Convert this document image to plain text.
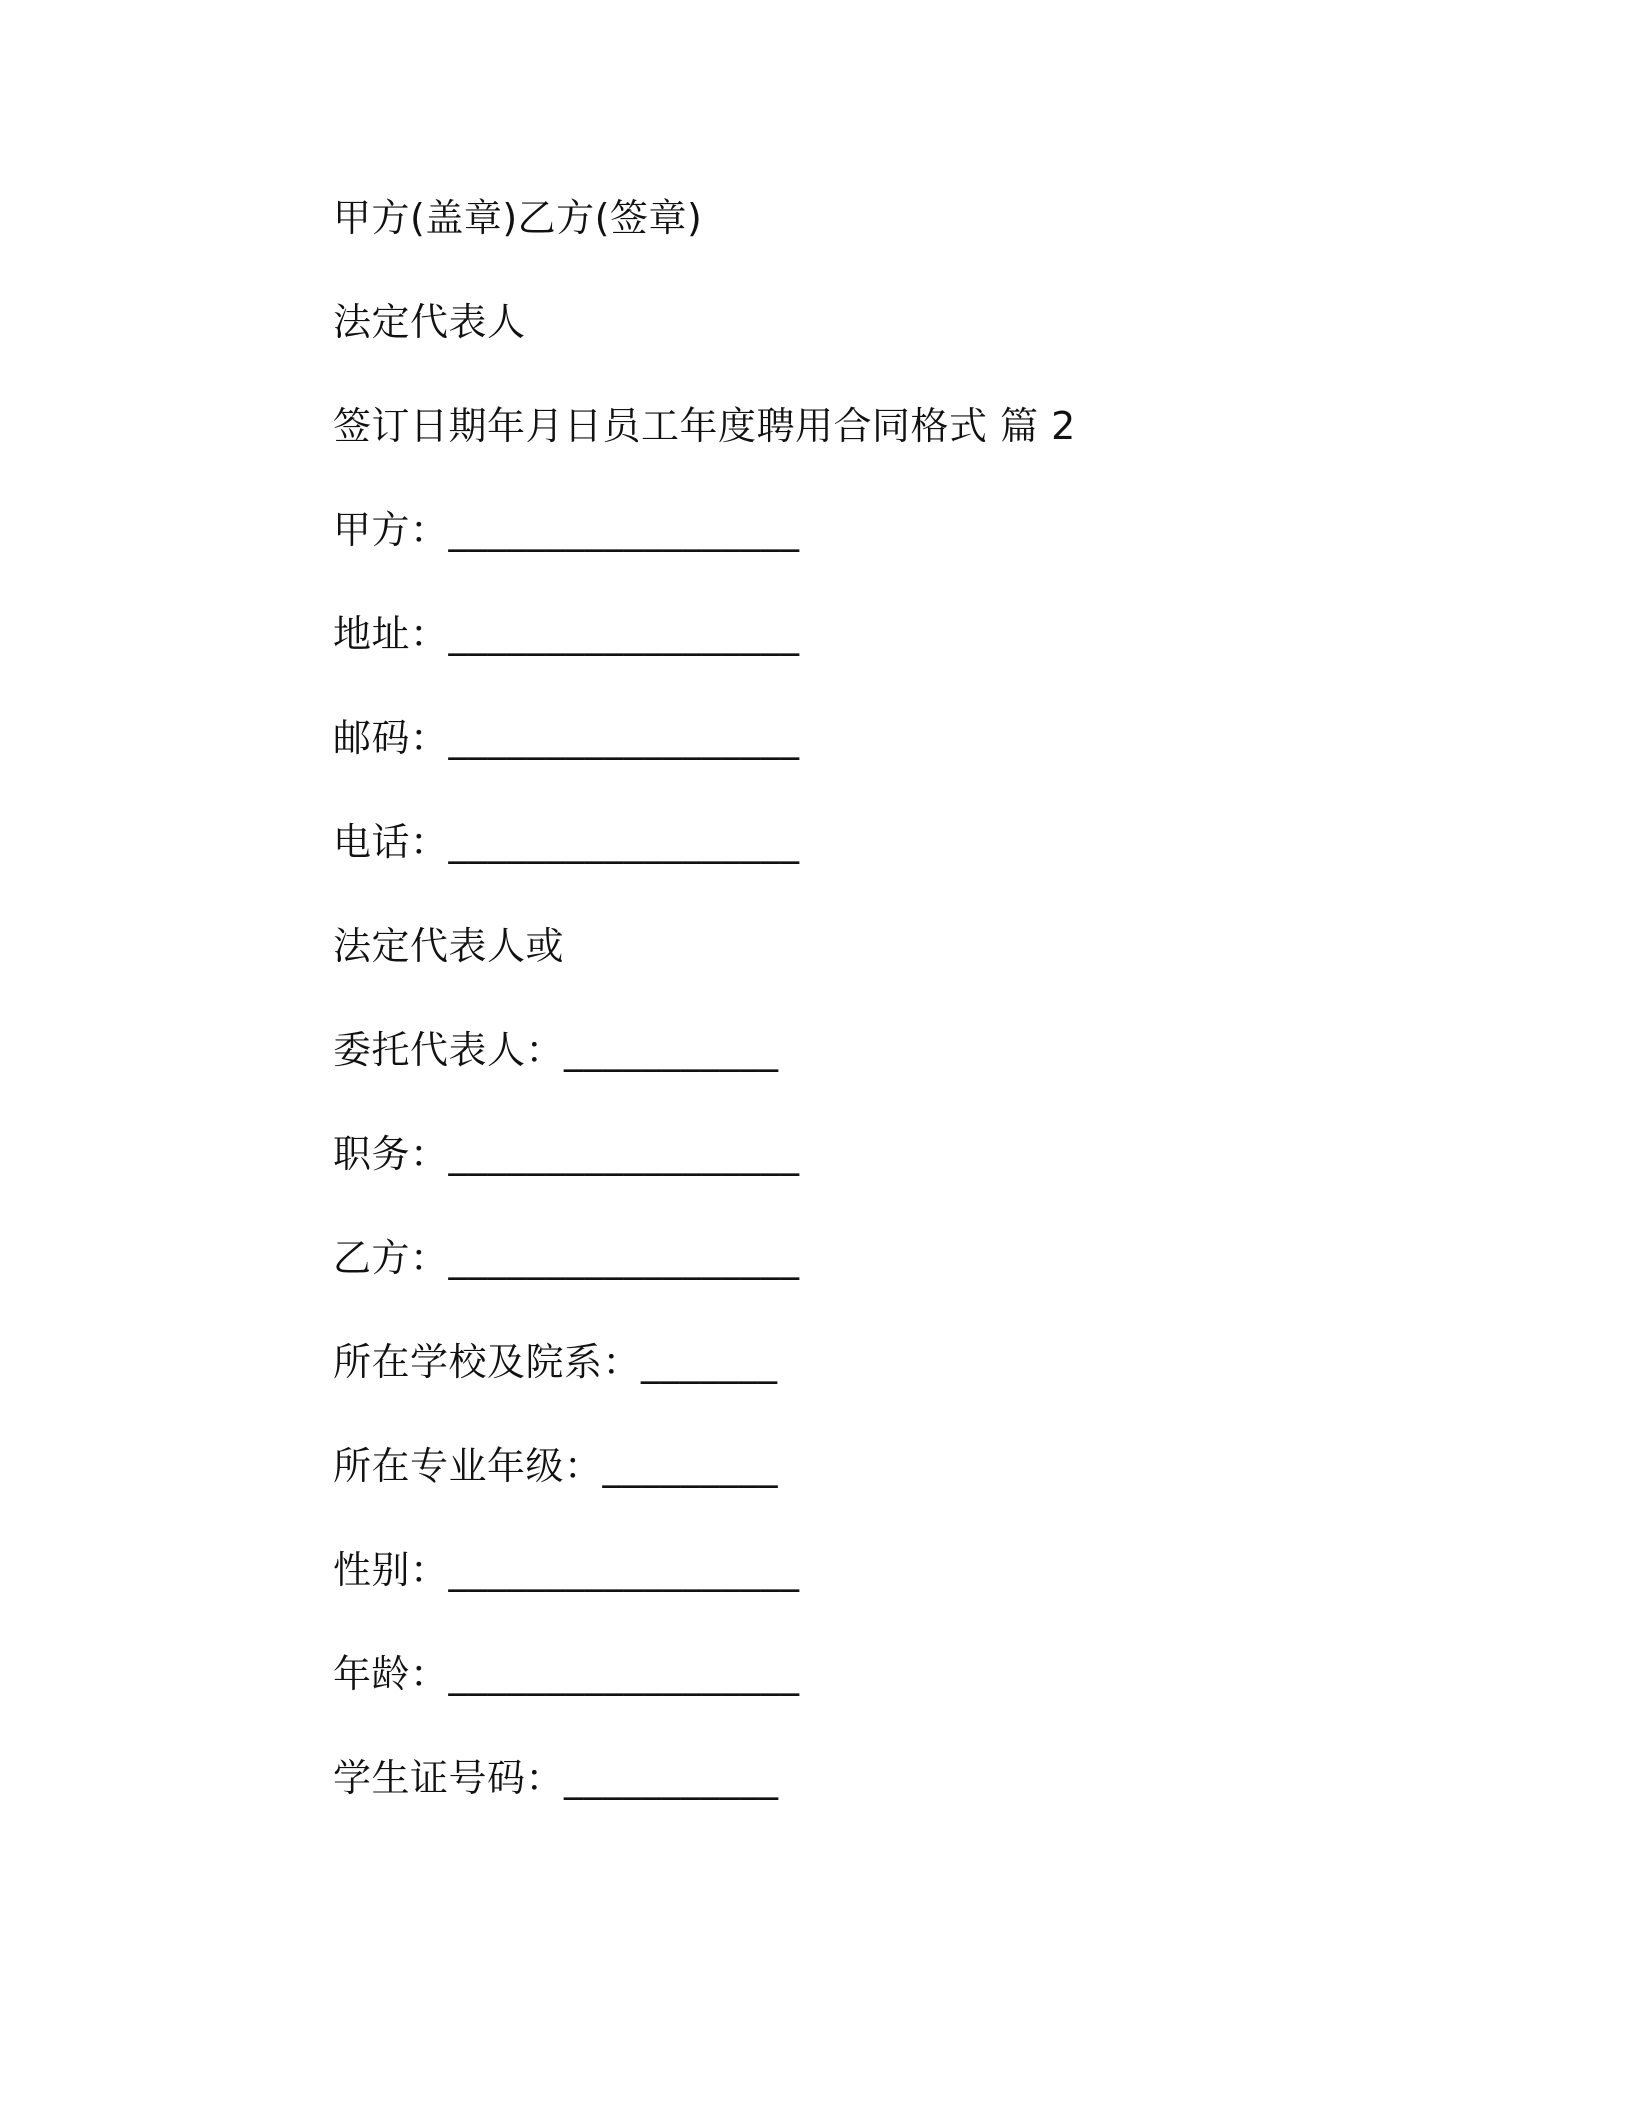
甲方(盖章)乙方(签章)
法定代表人
签订日期年月日员工年度聘用合同格式 篇 2
甲方：__________________
地址：__________________
邮码：__________________
电话：__________________
法定代表人或
委托代表人：___________
职务：__________________
乙方：__________________
所在学校及院系：_______
所在专业年级：_________
性别：__________________
年龄：__________________
学生证号码：___________
